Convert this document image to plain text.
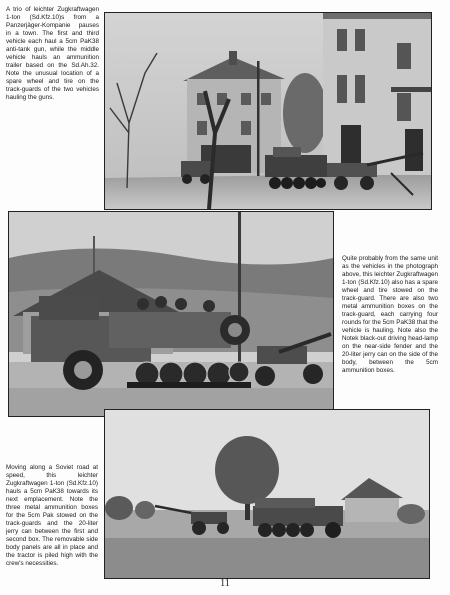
A trio of leichter Zugkraftwagen 1-ton (Sd.Kfz.10)s from a Panzerjäger-Kompanie pauses in a town. The first and third vehicle each haul a 5cm PaK38 anti-tank gun, while the middle vehicle hauls an ammunition trailer based on the Sd.Ah.32. Note the unusual location of a spare wheel and tire on the track-guards of the two vehicles hauling the guns.

Quite probably from the same unit as the vehicles in the photograph above, this leichter Zugkraftwagen 1-ton (Sd.Kfz.10) also has a spare wheel and tire stowed on the track-guard. There are also two metal ammunition boxes on the track-guard, each carrying four rounds for the 5cm PaK38 that the vehicle is hauling. Note also the Notek black-out driving head-lamp on the near-side fender and the 20-liter jerry can on the side of the body, between the 5cm ammunition boxes.

Moving along a Soviet road at speed, this leichter Zugkraftwagen 1-ton (Sd.Kfz.10) hauls a 5cm PaK38 towards its next emplacement. Note the three metal ammunition boxes for the 5cm Pak stowed on the track-guards and the 20-liter jerry can between the first and second box. The removable side body panels are all in place and the tractor is piled high with the crew's necessities.

11
